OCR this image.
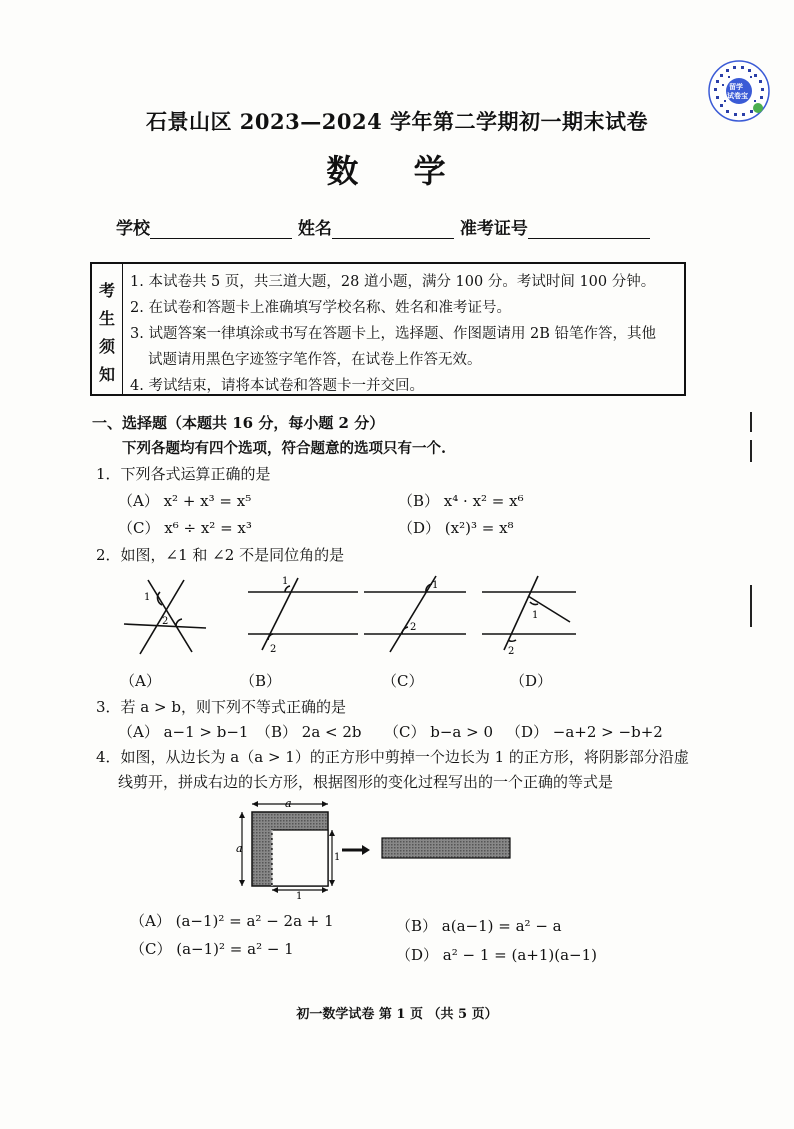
留学
试卷宝
石景山区 2023—2024 学年第二学期初一期末试卷
数 学
学校	姓名	准考证号
考
生
须
知
1. 本试卷共 5 页，共三道大题，28 道小题，满分 100 分。考试时间 100 分钟。
2. 在试卷和答题卡上准确填写学校名称、姓名和准考证号。
3. 试题答案一律填涂或书写在答题卡上，选择题、作图题请用 2B 铅笔作答，其他
试题请用黑色字迹签字笔作答，在试卷上作答无效。
4. 考试结束，请将本试卷和答题卡一并交回。
一、选择题（本题共 16 分，每小题 2 分）
下列各题均有四个选项，符合题意的选项只有一个.
1．下列各式运算正确的是
（A） x² + x³ = x⁵	（B） x⁴ · x² = x⁶
（C） x⁶ ÷ x² = x³	（D） (x²)³ = x⁸
2．如图，∠1 和 ∠2 不是同位角的是
1
2
1
2
1
2
1
2
（A）	（B）	（C）	（D）
3．若 a > b，则下列不等式正确的是
（A） a−1 > b−1 （B） 2a < 2b （C） b−a > 0 （D） −a+2 > −b+2
4．如图，从边长为 a（a > 1）的正方形中剪掉一个边长为 1 的正方形，将阴影部分沿虚
线剪开，拼成右边的长方形，根据图形的变化过程写出的一个正确的等式是
a
a
1
1
（A） (a−1)² = a² − 2a + 1	（B） a(a−1) = a² − a
（C） (a−1)² = a² − 1	（D） a² − 1 = (a+1)(a−1)
初一数学试卷 第 1 页 （共 5 页）
